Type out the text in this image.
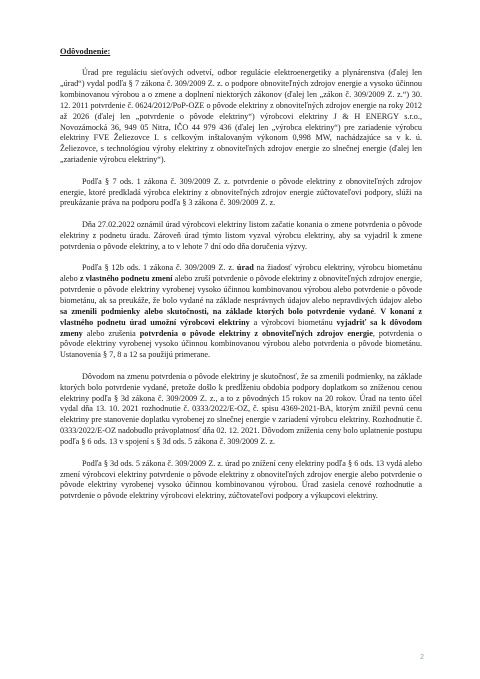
Odôvodnenie:

Úrad pre reguláciu sieťových odvetví, odbor regulácie elektroenergetiky a plynárenstva (ďalej len „úrad“) vydal podľa § 7 zákona č. 309/2009 Z. z. o podpore obnoviteľných zdrojov energie a vysoko účinnou kombinovanou výrobou a o zmene a doplnení niektorých zákonov (ďalej len „zákon č. 309/2009 Z. z.“) 30. 12. 2011 potvrdenie č. 0624/2012/PoP-OZE o pôvode elektriny z obnoviteľných zdrojov energie na roky 2012 až 2026 (ďalej len „potvrdenie o pôvode elektriny“) výrobcovi elektriny J & H ENERGY s.r.o., Novozámocká 36, 949 05 Nitra, IČO 44 979 436 (ďalej len „výrobca elektriny“) pre zariadenie výrobcu elektriny FVE Želiezovce I. s celkovým inštalovaným výkonom 0,998 MW, nachádzajúce sa v k. ú. Želiezovce, s technológiou výroby elektriny z obnoviteľných zdrojov energie zo slnečnej energie (ďalej len „zariadenie výrobcu elektriny“).

Podľa § 7 ods. 1 zákona č. 309/2009 Z. z. potvrdenie o pôvode elektriny z obnoviteľných zdrojov energie, ktoré predkladá výrobca elektriny z obnoviteľných zdrojov energie zúčtovateľovi podpory, slúži na preukázanie práva na podporu podľa § 3 zákona č. 309/2009 Z. z.

Dňa 27.02.2022 oznámil úrad výrobcovi elektriny listom začatie konania o zmene potvrdenia o pôvode elektriny z podnetu úradu. Zároveň úrad týmto listom vyzval výrobcu elektriny, aby sa vyjadril k zmene potvrdenia o pôvode elektriny, a to v lehote 7 dní odo dňa doručenia výzvy.

Podľa § 12b ods. 1 zákona č. 309/2009 Z. z. úrad na žiadosť výrobcu elektriny, výrobcu biometánu alebo z vlastného podnetu zmení alebo zruší potvrdenie o pôvode elektriny z obnoviteľných zdrojov energie, potvrdenie o pôvode elektriny vyrobenej vysoko účinnou kombinovanou výrobou alebo potvrdenie o pôvode biometánu, ak sa preukáže, že bolo vydané na základe nesprávnych údajov alebo nepravdivých údajov alebo sa zmenili podmienky alebo skutočnosti, na základe ktorých bolo potvrdenie vydané. V konaní z vlastného podnetu úrad umožní výrobcovi elektriny a výrobcovi biometánu vyjadriť sa k dôvodom zmeny alebo zrušenia potvrdenia o pôvode elektriny z obnoviteľných zdrojov energie, potvrdenia o pôvode elektriny vyrobenej vysoko účinnou kombinovanou výrobou alebo potvrdenia o pôvode biometánu. Ustanovenia § 7, 8 a 12 sa použijú primerane.

Dôvodom na zmenu potvrdenia o pôvode elektriny je skutočnosť, že sa zmenili podmienky, na základe ktorých bolo potvrdenie vydané, pretože došlo k predĺženiu obdobia podpory doplatkom so zníženou cenou elektriny podľa § 3d zákona č. 309/2009 Z. z., a to z pôvodných 15 rokov na 20 rokov. Úrad na tento účel vydal dňa 13. 10. 2021 rozhodnutie č. 0333/2022/E-OZ, č. spisu 4369-2021-BA, ktorým znížil pevnú cenu elektriny pre stanovenie doplatku vyrobenej zo slnečnej energie v zariadení výrobcu elektriny. Rozhodnutie č. 0333/2022/E-OZ nadobudlo právoplatnosť dňa 02. 12. 2021. Dôvodom zníženia ceny bolo uplatnenie postupu podľa § 6 ods. 13 v spojení s § 3d ods. 5 zákona č. 309/2009 Z. z.

Podľa § 3d ods. 5 zákona č. 309/2009 Z. z. úrad po znížení ceny elektriny podľa § 6 ods. 13 vydá alebo zmení výrobcovi elektriny potvrdenie o pôvode elektriny z obnoviteľných zdrojov energie alebo potvrdenie o pôvode elektriny vyrobenej vysoko účinnou kombinovanou výrobou. Úrad zasiela cenové rozhodnutie a potvrdenie o pôvode elektriny výrobcovi elektriny, zúčtovateľovi podpory a výkupcovi elektriny.

2
